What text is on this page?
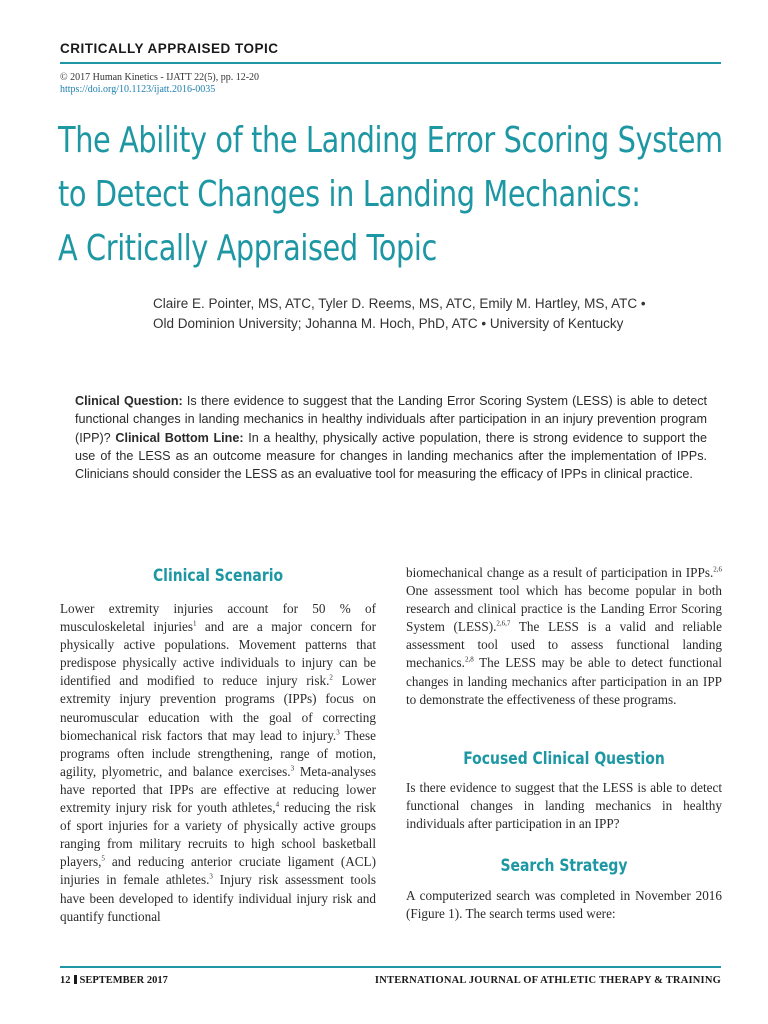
CRITICALLY APPRAISED TOPIC
© 2017 Human Kinetics - IJATT 22(5), pp. 12-20
https://doi.org/10.1123/ijatt.2016-0035
The Ability of the Landing Error Scoring System
to Detect Changes in Landing Mechanics:
A Critically Appraised Topic
Claire E. Pointer, MS, ATC, Tyler D. Reems, MS, ATC, Emily M. Hartley, MS, ATC •
Old Dominion University; Johanna M. Hoch, PhD, ATC • University of Kentucky
Clinical Question: Is there evidence to suggest that the Landing Error Scoring System (LESS) is able to detect functional changes in landing mechanics in healthy individuals after participation in an injury prevention program (IPP)? Clinical Bottom Line: In a healthy, physically active population, there is strong evidence to support the use of the LESS as an outcome measure for changes in landing mechanics after the implementation of IPPs. Clinicians should consider the LESS as an evaluative tool for measuring the efficacy of IPPs in clinical practice.
Clinical Scenario

Lower extremity injuries account for 50 % of musculoskeletal injuries$^1$ and are a major concern for physically active populations. Movement patterns that predispose physically active individuals to injury can be identified and modified to reduce injury risk.$^2$ Lower extremity injury prevention programs (IPPs) focus on neuromuscular education with the goal of correcting biomechanical risk factors that may lead to injury.$^3$ These programs often include strengthening, range of motion, agility, plyometric, and balance exercises.$^3$ Meta-analyses have reported that IPPs are effective at reducing lower extremity injury risk for youth athletes,$^4$ reducing the risk of sport injuries for a variety of physically active groups ranging from military recruits to high school basketball players,$^5$ and reducing anterior cruciate ligament (ACL) injuries in female athletes.$^3$ Injury risk assessment tools have been developed to identify individual injury risk and quantify functional

biomechanical change as a result of participation in IPPs.$^{2,6}$ One assessment tool which has become popular in both research and clinical practice is the Landing Error Scoring System (LESS).$^{2,6,7}$ The LESS is a valid and reliable assessment tool used to assess functional landing mechanics.$^{2,8}$ The LESS may be able to detect functional changes in landing mechanics after participation in an IPP to demonstrate the effectiveness of these programs.

Focused Clinical Question

Is there evidence to suggest that the LESS is able to detect functional changes in landing mechanics in healthy individuals after participation in an IPP?

Search Strategy

A computerized search was completed in November 2016 (Figure 1). The search terms used were:

12 SEPTEMBER 2017	INTERNATIONAL JOURNAL OF ATHLETIC THERAPY & TRAINING
